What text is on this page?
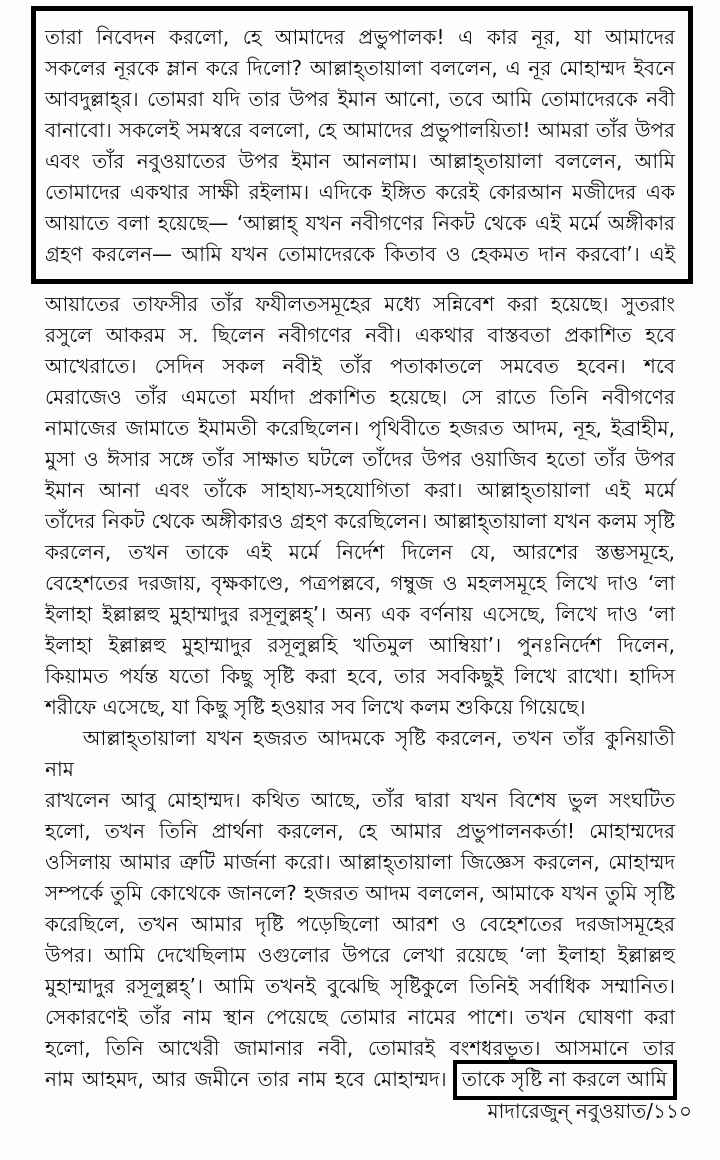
তারা নিবেদন করলো, হে আমাদের প্রভুপালক! এ কার নূর, যা আমাদের
সকলের নূরকে ম্লান করে দিলো? আল্লাহ্‌তায়ালা বললেন, এ নূর মোহাম্মদ ইবনে
আবদুল্লাহ্‌র। তোমরা যদি তার উপর ইমান আনো, তবে আমি তোমাদেরকে নবী
বানাবো। সকলেই সমস্বরে বললো, হে আমাদের প্রভুপালয়িতা! আমরা তাঁর উপর
এবং তাঁর নবুওয়াতের উপর ইমান আনলাম। আল্লাহ্‌তায়ালা বললেন, আমি
তোমাদের একথার সাক্ষী রইলাম। এদিকে ইঙ্গিত করেই কোরআন মজীদের এক
আয়াতে বলা হয়েছে— ‘আল্লাহ্‌ যখন নবীগণের নিকট থেকে এই মর্মে অঙ্গীকার
গ্রহণ করলেন— আমি যখন তোমাদেরকে কিতাব ও হেকমত দান করবো’। এই
আয়াতের তাফসীর তাঁর ফযীলতসমূহের মধ্যে সন্নিবেশ করা হয়েছে। সুতরাং
রসুলে আকরম স. ছিলেন নবীগণের নবী। একথার বাস্তবতা প্রকাশিত হবে
আখেরাতে। সেদিন সকল নবীই তাঁর পতাকাতলে সমবেত হবেন। শবে
মেরাজেও তাঁর এমতো মর্যাদা প্রকাশিত হয়েছে। সে রাতে তিনি নবীগণের
নামাজের জামাতে ইমামতী করেছিলেন। পৃথিবীতে হজরত আদম, নূহ, ইব্রাহীম,
মুসা ও ঈসার সঙ্গে তাঁর সাক্ষাত ঘটলে তাঁদের উপর ওয়াজিব হতো তাঁর উপর
ইমান আনা এবং তাঁকে সাহায্য-সহযোগিতা করা। আল্লাহ্‌তায়ালা এই মর্মে
তাঁদের নিকট থেকে অঙ্গীকারও গ্রহণ করেছিলেন। আল্লাহ্‌তায়ালা যখন কলম সৃষ্টি
করলেন, তখন তাকে এই মর্মে নির্দেশ দিলেন যে, আরশের স্তম্ভসমূহে,
বেহেশতের দরজায়, বৃক্ষকাণ্ডে, পত্রপল্লবে, গম্বুজ ও মহলসমূহে লিখে দাও ‘লা
ইলাহা ইল্লাল্লহু মুহাম্মাদুর রসূলুল্লহ্‌’। অন্য এক বর্ণনায় এসেছে, লিখে দাও ‘লা
ইলাহা ইল্লাল্লহু মুহাম্মাদুর রসূলুল্লহি খতিমুল আম্বিয়া’। পুনঃনির্দেশ দিলেন,
কিয়ামত পর্যন্ত যতো কিছু সৃষ্টি করা হবে, তার সবকিছুই লিখে রাখো। হাদিস
শরীফে এসেছে, যা কিছু সৃষ্টি হওয়ার সব লিখে কলম শুকিয়ে গিয়েছে।
আল্লাহ্‌তায়ালা যখন হজরত আদমকে সৃষ্টি করলেন, তখন তাঁর কুনিয়াতী নাম
রাখলেন আবু মোহাম্মদ। কথিত আছে, তাঁর দ্বারা যখন বিশেষ ভুল সংঘটিত
হলো, তখন তিনি প্রার্থনা করলেন, হে আমার প্রভুপালনকর্তা! মোহাম্মদের
ওসিলায় আমার ত্রুটি মার্জনা করো। আল্লাহ্‌তায়ালা জিজ্ঞেস করলেন, মোহাম্মদ
সম্পর্কে তুমি কোথেকে জানলে? হজরত আদম বললেন, আমাকে যখন তুমি সৃষ্টি
করেছিলে, তখন আমার দৃষ্টি পড়েছিলো আরশ ও বেহেশতের দরজাসমূহের
উপর। আমি দেখেছিলাম ওগুলোর উপরে লেখা রয়েছে ‘লা ইলাহা ইল্লাল্লহু
মুহাম্মাদুর রসূলুল্লহ্‌’। আমি তখনই বুঝেছি সৃষ্টিকুলে তিনিই সর্বাধিক সম্মানিত।
সেকারণেই তাঁর নাম স্থান পেয়েছে তোমার নামের পাশে। তখন ঘোষণা করা
হলো, তিনি আখেরী জামানার নবী, তোমারই বংশধরভূত। আসমানে তার
নাম আহমদ, আর জমীনে তার নাম হবে মোহাম্মদ। তাকে সৃষ্টি না করলে আমি
মাদারেজুন্‌ নবুওয়াত/১১০
